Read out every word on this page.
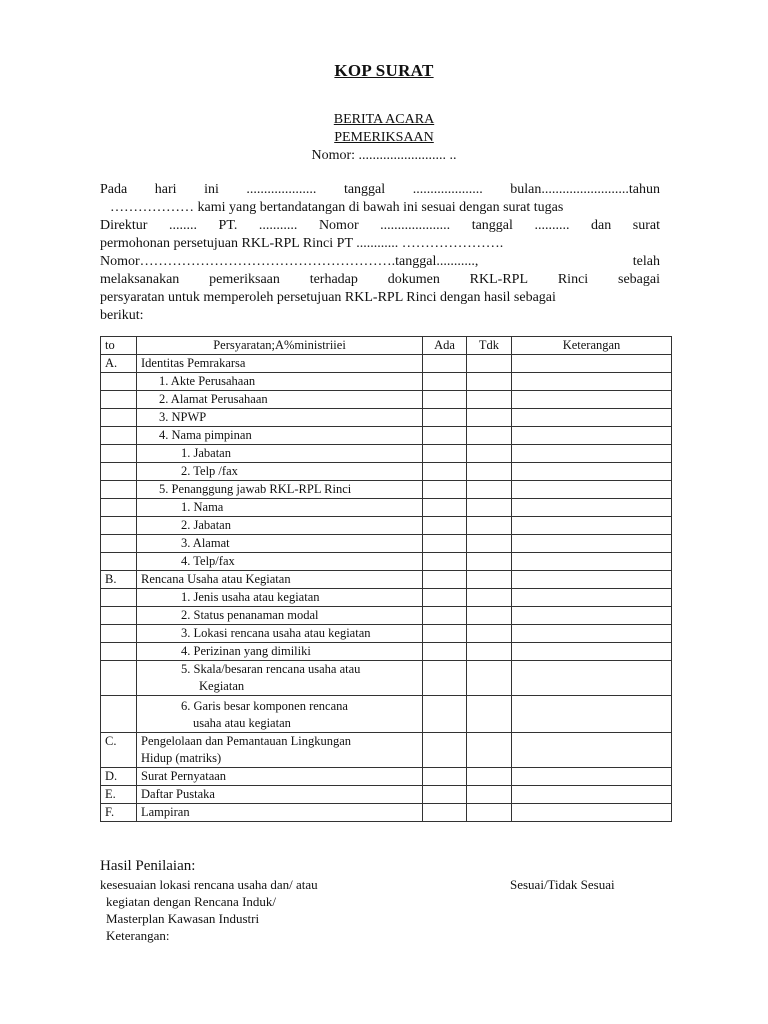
KOP SURAT
BERITA ACARA
PEMERIKSAAN
Nomor: ......................... ..
Pada hari ini .................... tanggal .................... bulan.........................tahun
……………… kami yang bertandatangan di bawah ini sesuai dengan surat tugas
Direktur ........ PT. ........... Nomor .................... tanggal .......... dan surat
permohonan persetujuan RKL-RPL Rinci PT ............ ………………….
Nomor……………………………………………….tanggal...........,	telah
melaksanakan pemeriksaan terhadap dokumen RKL-RPL Rinci sebagai
persyaratan untuk memperoleh persetujuan RKL-RPL Rinci dengan hasil sebagai
berikut:
to	Persyaratan;A%ministriiei	Ada	Tdk	Keterangan
A.	Identitas Pemrakarsa			
	1. Akte Perusahaan			
	2. Alamat Perusahaan			
	3. NPWP			
	4. Nama pimpinan			
	1. Jabatan			
	2. Telp /fax			
	5. Penanggung jawab RKL-RPL Rinci			
	1. Nama			
	2. Jabatan			
	3. Alamat			
	4. Telp/fax			
B.	Rencana Usaha atau Kegiatan			
	1. Jenis usaha atau kegiatan			
	2. Status penanaman modal			
	3. Lokasi rencana usaha atau kegiatan			
	4. Perizinan yang dimiliki			

	5. Skala/besaran rencana usaha atau
Kegiatan			

	6. Garis besar komponen rencana
usaha atau kegiatan			

C.	Pengelolaan dan Pemantauan Lingkungan
Hidup (matriks)			

D.	Surat Pernyataan			
E.	Daftar Pustaka			
F.	Lampiran			
Hasil Penilaian:
kesesuaian lokasi rencana usaha dan/ atau	Sesuai/Tidak Sesuai
kegiatan dengan Rencana Induk/
Masterplan Kawasan Industri
Keterangan:
